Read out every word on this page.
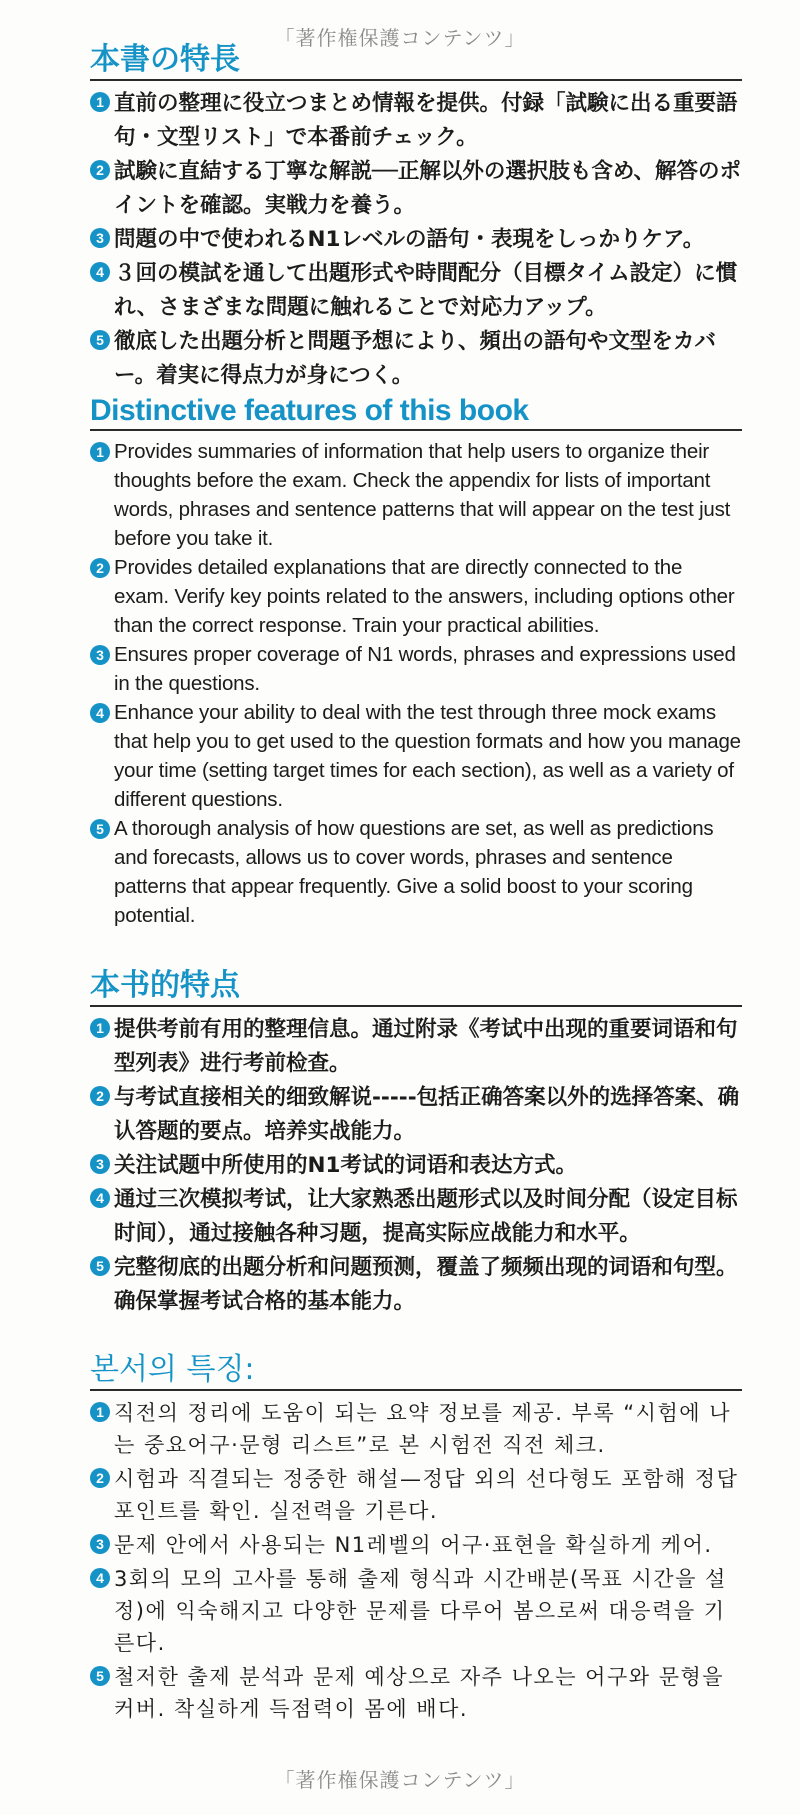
「著作権保護コンテンツ」
本書の特長
1 直前の整理に役立つまとめ情報を提供。付録「試験に出る重要語句・文型リスト」で本番前チェック。
2 試験に直結する丁寧な解説──正解以外の選択肢も含め、解答のポイントを確認。実戦力を養う。
3 問題の中で使われるN1レベルの語句・表現をしっかりケア。
4 ３回の模試を通して出題形式や時間配分（目標タイム設定）に慣れ、さまざまな問題に触れることで対応力アップ。
5 徹底した出題分析と問題予想により、頻出の語句や文型をカバー。着実に得点力が身につく。
Distinctive features of this book
1 Provides summaries of information that help users to organize their thoughts before the exam. Check the appendix for lists of important words, phrases and sentence patterns that will appear on the test just before you take it.
2 Provides detailed explanations that are directly connected to the exam. Verify key points related to the answers, including options other than the correct response. Train your practical abilities.
3 Ensures proper coverage of N1 words, phrases and expressions used in the questions.
4 Enhance your ability to deal with the test through three mock exams that help you to get used to the question formats and how you manage your time (setting target times for each section), as well as a variety of different questions.
5 A thorough analysis of how questions are set, as well as predictions and forecasts, allows us to cover words, phrases and sentence patterns that appear frequently. Give a solid boost to your scoring potential.
本书的特点
1 提供考前有用的整理信息。通过附录《考试中出现的重要词语和句型列表》进行考前检查。
2 与考试直接相关的细致解说-----包括正确答案以外的选择答案、确认答题的要点。培养实战能力。
3 关注试题中所使用的N1考试的词语和表达方式。
4 通过三次模拟考试，让大家熟悉出题形式以及时间分配（设定目标时间），通过接触各种习题，提高实际应战能力和水平。
5 完整彻底的出题分析和问题预测，覆盖了频频出现的词语和句型。确保掌握考试合格的基本能力。
본서의 특징:
1 직전의 정리에 도움이 되는 요약 정보를 제공. 부록 “시험에 나는 중요어구·문형 리스트”로 본 시험전 직전 체크.
2 시험과 직결되는 정중한 해설—정답 외의 선다형도 포함해 정답 포인트를 확인. 실전력을 기른다.
3 문제 안에서 사용되는 N1레벨의 어구·표현을 확실하게 케어.
4 3회의 모의 고사를 통해 출제 형식과 시간배분(목표 시간을 설정)에 익숙해지고 다양한 문제를 다루어 봄으로써 대응력을 기른다.
5 철저한 출제 분석과 문제 예상으로 자주 나오는 어구와 문형을 커버. 착실하게 득점력이 몸에 배다.
「著作権保護コンテンツ」
